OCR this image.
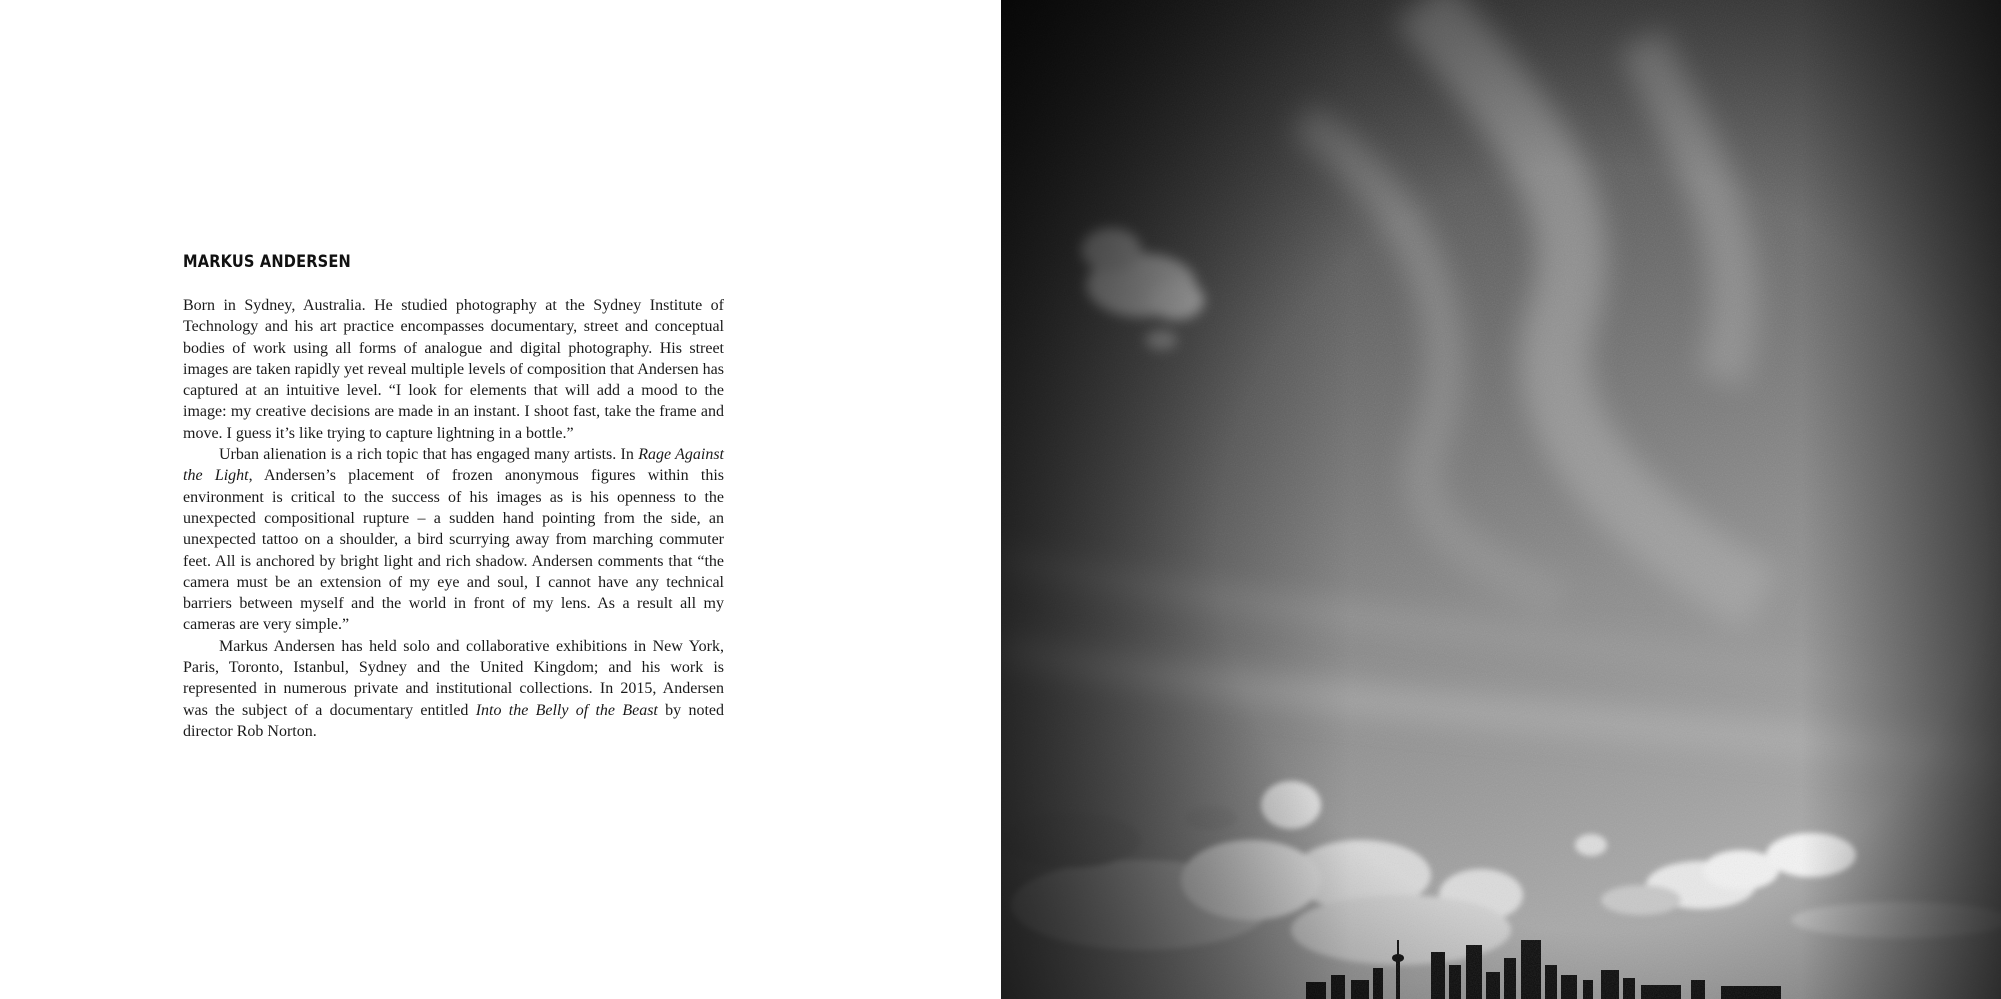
MARKUS ANDERSEN

Born in Sydney, Australia. He studied photography at the Sydney Institute of Technology and his art practice encompasses documentary, street and conceptual bodies of work using all forms of analogue and digital photography. His street images are taken rapidly yet reveal multiple levels of composition that Andersen has captured at an intuitive level. “I look for elements that will add a mood to the image: my creative decisions are made in an instant. I shoot fast, take the frame and move. I guess it’s like trying to capture lightning in a bottle.”

Urban alienation is a rich topic that has engaged many artists. In Rage Against the Light, Andersen’s placement of frozen anonymous figures within this environment is critical to the success of his images as is his openness to the unexpected compositional rupture – a sudden hand pointing from the side, an unexpected tattoo on a shoulder, a bird scurrying away from marching commuter feet. All is anchored by bright light and rich shadow. Andersen comments that “the camera must be an extension of my eye and soul, I cannot have any technical barriers between myself and the world in front of my lens. As a result all my cameras are very simple.”

Markus Andersen has held solo and collaborative exhibitions in New York, Paris, Toronto, Istanbul, Sydney and the United Kingdom; and his work is represented in numerous private and institutional collections. In 2015, Andersen was the subject of a documentary entitled Into the Belly of the Beast by noted director Rob Norton.
